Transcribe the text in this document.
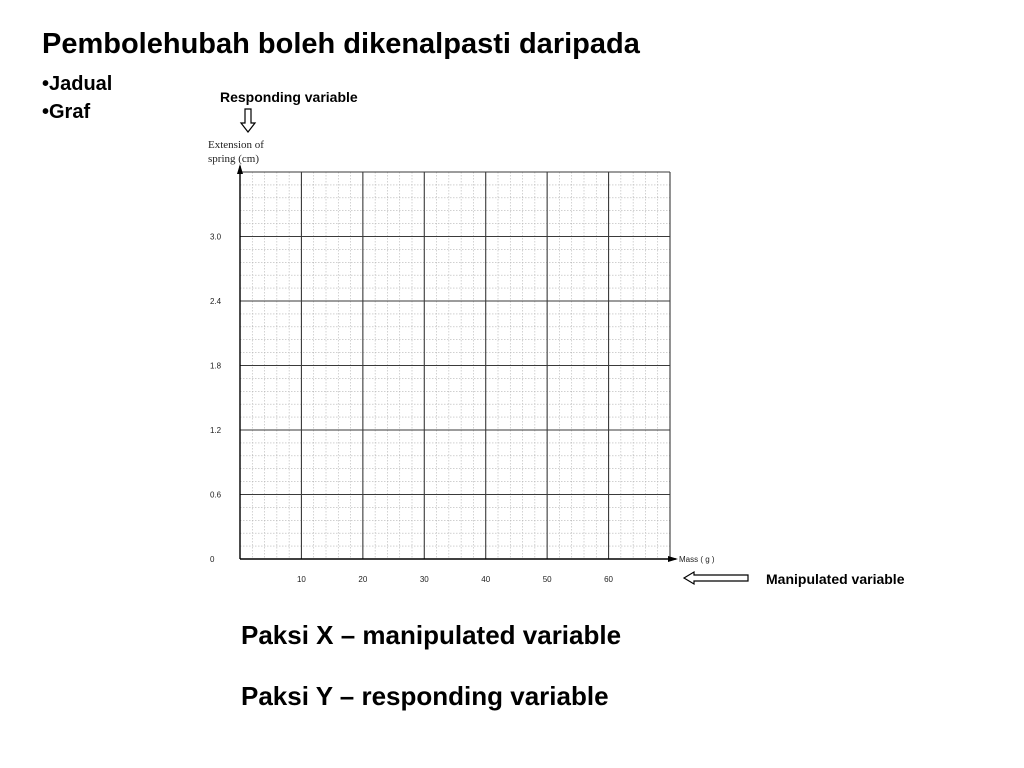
Pembolehubah boleh dikenalpasti daripada
•Jadual
•Graf
Responding variable
Extension of
spring (cm)
Mass ( g )
0
0.6
1.2
1.8
2.4
3.0
10	20	30	40	50	60	Manipulated variable
Paksi X – manipulated variable
Paksi Y – responding variable
